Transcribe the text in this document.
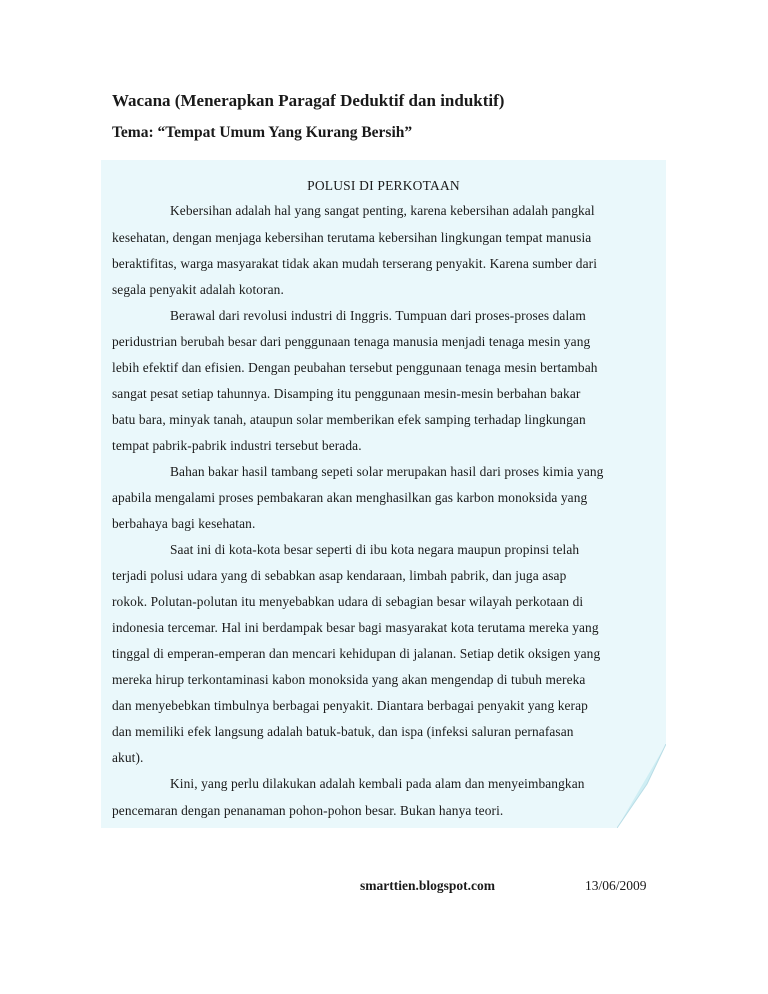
Wacana (Menerapkan Paragaf Deduktif dan induktif)
Tema: “Tempat Umum Yang Kurang Bersih”
POLUSI DI PERKOTAAN
Kebersihan adalah hal yang sangat penting, karena kebersihan adalah pangkal
kesehatan, dengan menjaga kebersihan terutama kebersihan lingkungan tempat manusia
beraktifitas, warga masyarakat tidak akan mudah terserang penyakit. Karena sumber dari
segala penyakit adalah kotoran.
Berawal dari revolusi industri di Inggris. Tumpuan dari proses-proses dalam
peridustrian berubah besar dari penggunaan tenaga manusia menjadi tenaga mesin yang
lebih efektif dan efisien. Dengan peubahan tersebut penggunaan tenaga mesin bertambah
sangat pesat setiap tahunnya. Disamping itu penggunaan mesin-mesin berbahan bakar
batu bara, minyak tanah, ataupun solar memberikan efek samping terhadap lingkungan
tempat pabrik-pabrik industri tersebut berada.
Bahan bakar hasil tambang sepeti solar merupakan hasil dari proses kimia yang
apabila mengalami proses pembakaran akan menghasilkan gas karbon monoksida yang
berbahaya bagi kesehatan.
Saat ini di kota-kota besar seperti di ibu kota negara maupun propinsi telah
terjadi polusi udara yang di sebabkan asap kendaraan, limbah pabrik, dan juga asap
rokok. Polutan-polutan itu menyebabkan udara di sebagian besar wilayah perkotaan di
indonesia tercemar. Hal ini berdampak besar bagi masyarakat kota terutama mereka yang
tinggal di emperan-emperan dan mencari kehidupan di jalanan. Setiap detik oksigen yang
mereka hirup terkontaminasi kabon monoksida yang akan mengendap di tubuh mereka
dan menyebebkan timbulnya berbagai penyakit. Diantara berbagai penyakit yang kerap
dan memiliki efek langsung adalah batuk-batuk, dan ispa (infeksi saluran pernafasan
akut).
Kini, yang perlu dilakukan adalah kembali pada alam dan menyeimbangkan
pencemaran dengan penanaman pohon-pohon besar. Bukan hanya teori.
smarttien.blogspot.com	13/06/2009
